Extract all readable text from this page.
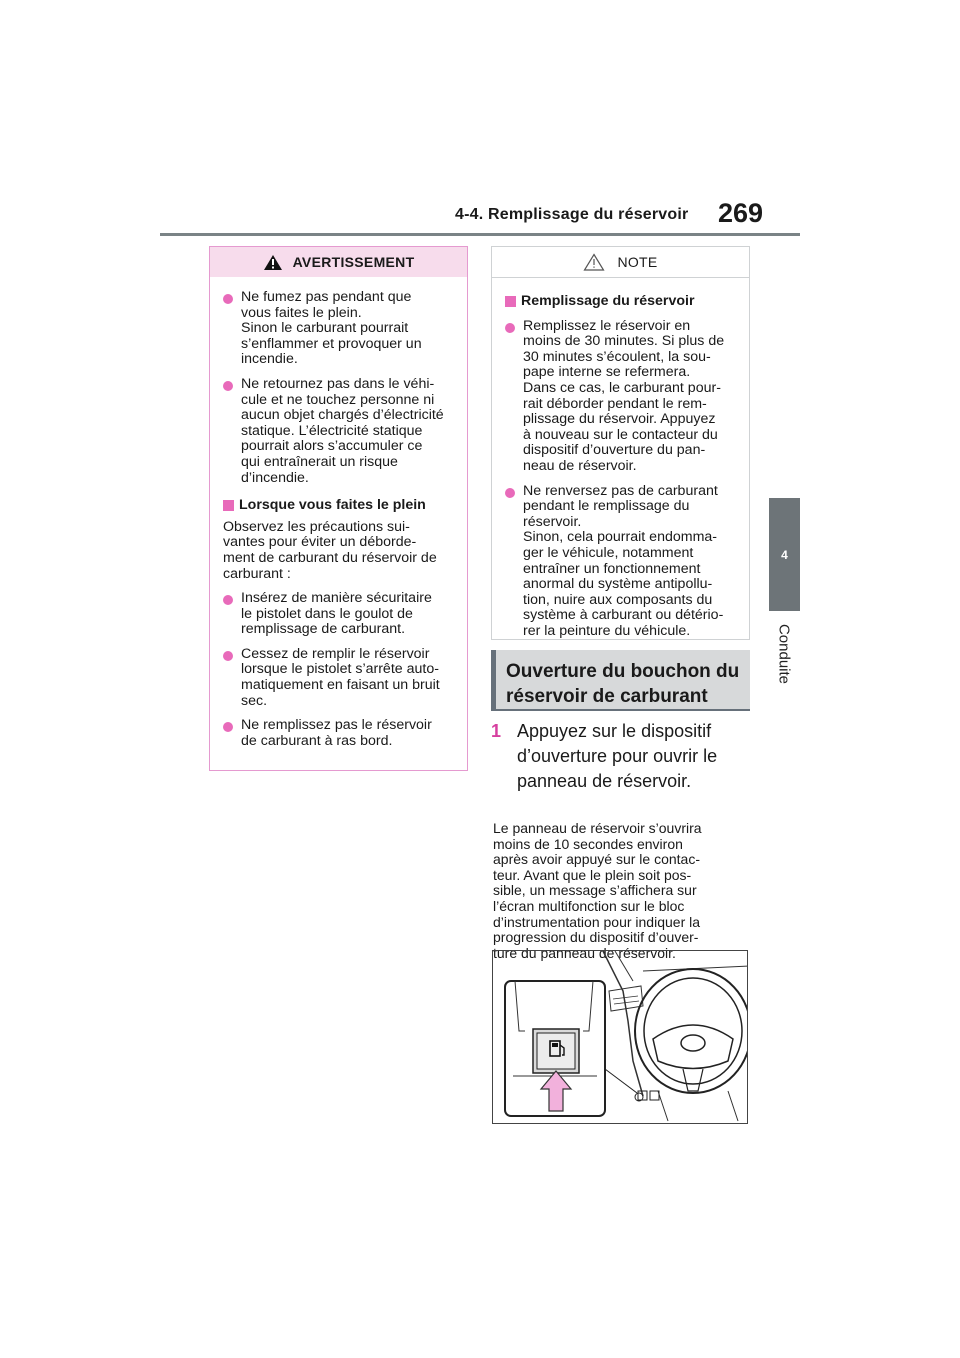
4-4. Remplissage du réservoir 269
4
Conduite
AVERTISSEMENT
Ne fumez pas pendant que
vous faites le plein.
Sinon le carburant pourrait
s’enflammer et provoquer un
incendie.
Ne retournez pas dans le véhi-
cule et ne touchez personne ni
aucun objet chargés d’électricité
statique. L’électricité statique
pourrait alors s’accumuler ce
qui entraînerait un risque
d’incendie.
Lorsque vous faites le plein
Observez les précautions sui-
vantes pour éviter un déborde-
ment de carburant du réservoir de
carburant :
Insérez de manière sécuritaire
le pistolet dans le goulot de
remplissage de carburant.
Cessez de remplir le réservoir
lorsque le pistolet s’arrête auto-
matiquement en faisant un bruit
sec.
Ne remplissez pas le réservoir
de carburant à ras bord.
NOTE
Remplissage du réservoir
Remplissez le réservoir en
moins de 30 minutes. Si plus de
30 minutes s’écoulent, la sou-
pape interne se refermera.
Dans ce cas, le carburant pour-
rait déborder pendant le rem-
plissage du réservoir. Appuyez
à nouveau sur le contacteur du
dispositif d’ouverture du pan-
neau de réservoir.
Ne renversez pas de carburant
pendant le remplissage du
réservoir.
Sinon, cela pourrait endomma-
ger le véhicule, notamment
entraîner un fonctionnement
anormal du système antipollu-
tion, nuire aux composants du
système à carburant ou détério-
rer la peinture du véhicule.
Ouverture du bouchon du
réservoir de carburant
1 Appuyez sur le dispositif
d’ouverture pour ouvrir le
panneau de réservoir.
Le panneau de réservoir s’ouvrira
moins de 10 secondes environ
après avoir appuyé sur le contac-
teur. Avant que le plein soit pos-
sible, un message s’affichera sur
l’écran multifonction sur le bloc
d’instrumentation pour indiquer la
progression du dispositif d’ouver-
ture du panneau de réservoir.
